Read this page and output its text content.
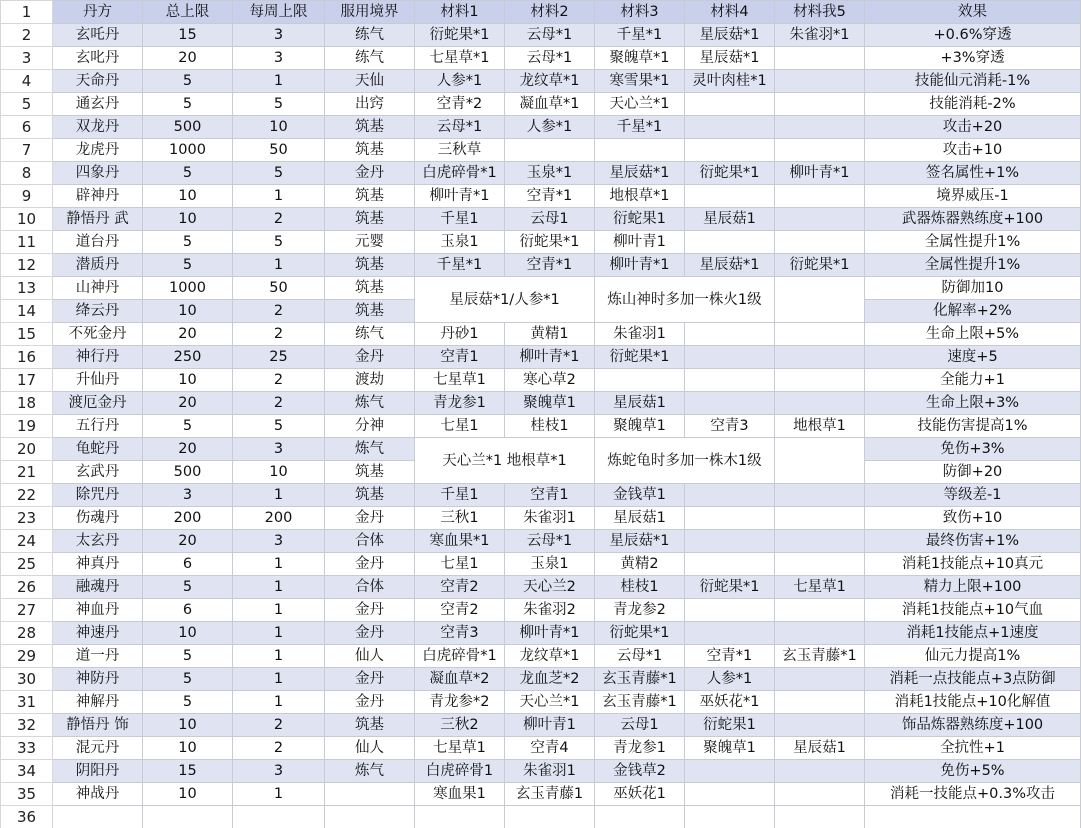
1	丹方	总上限	每周上限	服用境界	材料1	材料2	材料3	材料4	材料我5	效果
2	玄吒丹	15	3	练气	衍蛇果*1	云母*1	千星*1	星辰菇*1	朱雀羽*1	+0.6%穿透
3	玄叱丹	20	3	练气	七星草*1	云母*1	聚魄草*1	星辰菇*1		+3%穿透
4	天命丹	5	1	天仙	人参*1	龙纹草*1	寒雪果*1	灵叶肉桂*1		技能仙元消耗-1%
5	通玄丹	5	5	出窍	空青*2	凝血草*1	天心兰*1			技能消耗-2%
6	双龙丹	500	10	筑基	云母*1	人参*1	千星*1			攻击+20
7	龙虎丹	1000	50	筑基	三秋草					攻击+10
8	四象丹	5	5	金丹	白虎碎骨*1	玉泉*1	星辰菇*1	衍蛇果*1	柳叶青*1	签名属性+1%
9	辟神丹	10	1	筑基	柳叶青*1	空青*1	地根草*1			境界威压-1
10	静悟丹 武	10	2	筑基	千星1	云母1	衍蛇果1	星辰菇1		武器炼器熟练度+100
11	道台丹	5	5	元婴	玉泉1	衍蛇果*1	柳叶青1			全属性提升1%
12	潜质丹	5	1	筑基	千星*1	空青*1	柳叶青*1	星辰菇*1	衍蛇果*1	全属性提升1%
13	山神丹	1000	50	筑基	星辰菇*1/人参*1		炼山神时多加一株火1级			防御加10
14	绛云丹	10	2	筑基						化解率+2%
15	不死金丹	20	2	练气	丹砂1	黄精1	朱雀羽1			生命上限+5%
16	神行丹	250	25	金丹	空青1	柳叶青*1	衍蛇果*1			速度+5
17	升仙丹	10	2	渡劫	七星草1	寒心草2				全能力+1
18	渡厄金丹	20	2	炼气	青龙参1	聚魄草1	星辰菇1			生命上限+3%
19	五行丹	5	5	分神	七星1	桂枝1	聚魄草1	空青3	地根草1	技能伤害提高1%
20	龟蛇丹	20	3	炼气	天心兰*1 地根草*1		炼蛇龟时多加一株木1级			免伤+3%
21	玄武丹	500	10	筑基						防御+20
22	除咒丹	3	1	筑基	千星1	空青1	金钱草1			等级差-1
23	伤魂丹	200	200	金丹	三秋1	朱雀羽1	星辰菇1			致伤+10
24	太玄丹	20	3	合体	寒血果*1	云母*1	星辰菇*1			最终伤害+1%
25	神真丹	6	1	金丹	七星1	玉泉1	黄精2			消耗1技能点+10真元
26	融魂丹	5	1	合体	空青2	天心兰2	桂枝1	衍蛇果*1	七星草1	精力上限+100
27	神血丹	6	1	金丹	空青2	朱雀羽2	青龙参2			消耗1技能点+10气血
28	神速丹	10	1	金丹	空青3	柳叶青*1	衍蛇果*1			消耗1技能点+1速度
29	道一丹	5	1	仙人	白虎碎骨*1	龙纹草*1	云母*1	空青*1	玄玉青藤*1	仙元力提高1%
30	神防丹	5	1	金丹	凝血草*2	龙血芝*2	玄玉青藤*1	人参*1		消耗一点技能点+3点防御
31	神解丹	5	1	金丹	青龙参*2	天心兰*1	玄玉青藤*1	巫妖花*1		消耗1技能点+10化解值
32	静悟丹 饰	10	2	筑基	三秋2	柳叶青1	云母1	衍蛇果1		饰品炼器熟练度+100
33	混元丹	10	2	仙人	七星草1	空青4	青龙参1	聚魄草1	星辰菇1	全抗性+1
34	阴阳丹	15	3	炼气	白虎碎骨1	朱雀羽1	金钱草2			免伤+5%
35	神战丹	10	1		寒血果1	玄玉青藤1	巫妖花1			消耗一技能点+0.3%攻击
36										
